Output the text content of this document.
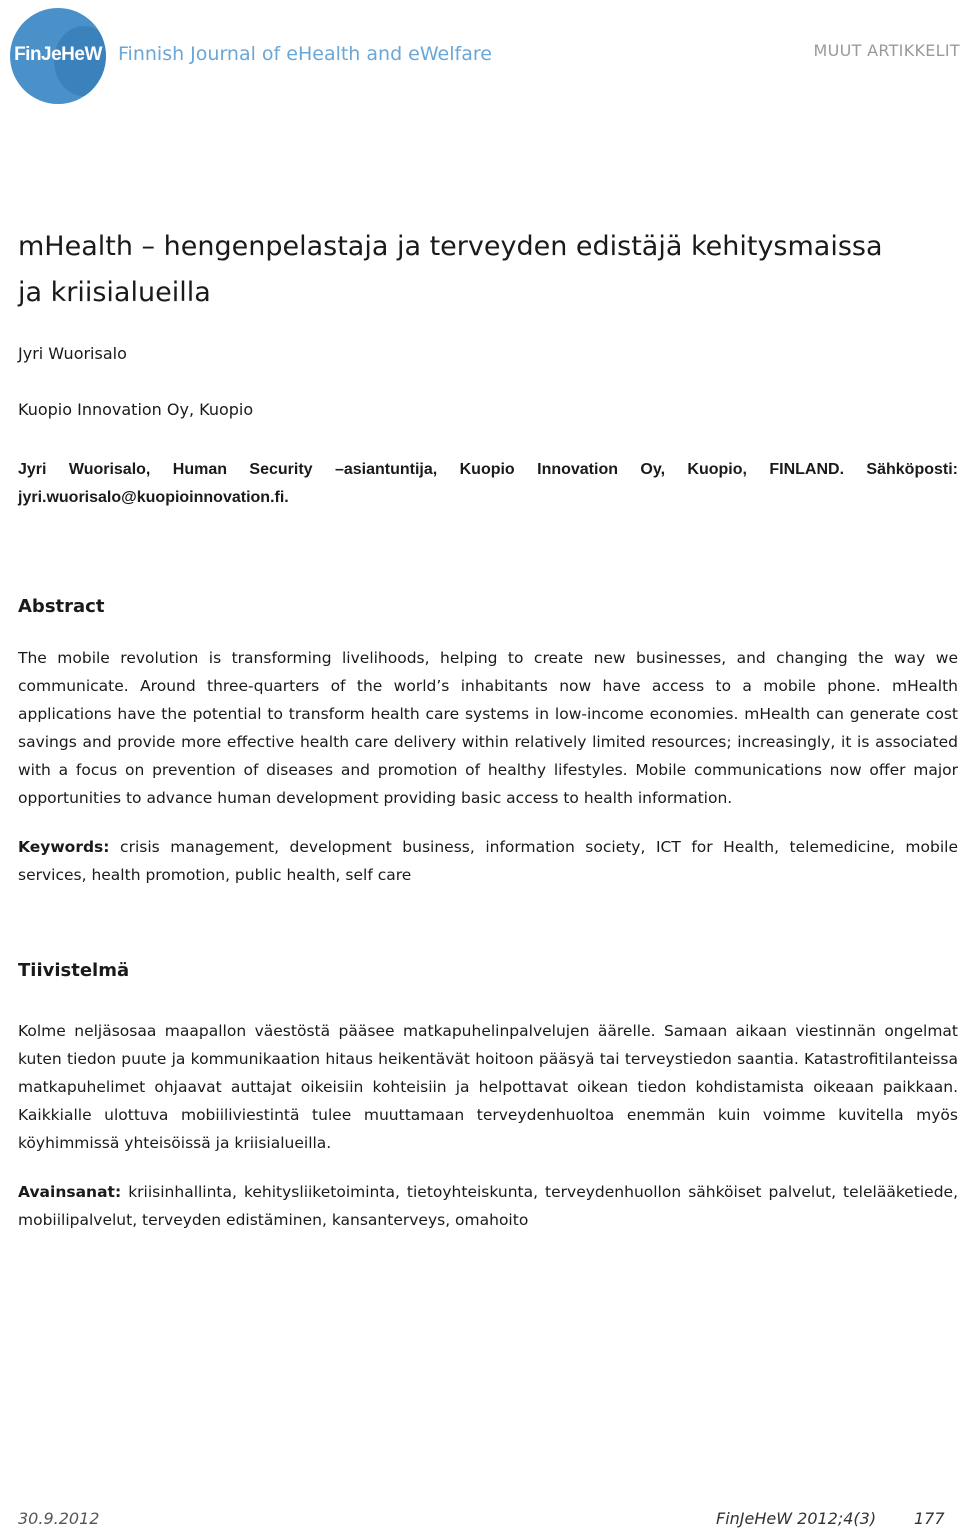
FinJeHeW Finnish Journal of eHealth and eWelfare	MUUT ARTIKKELIT
mHealth – hengenpelastaja ja terveyden edistäjä kehitysmaissa ja kriisialueilla
Jyri Wuorisalo
Kuopio Innovation Oy, Kuopio
Jyri Wuorisalo, Human Security –asiantuntija, Kuopio Innovation Oy, Kuopio, FINLAND. Sähköposti: jyri.wuorisalo@kuopioinnovation.fi.
Abstract
The mobile revolution is transforming livelihoods, helping to create new businesses, and changing the way we communicate. Around three-quarters of the world’s inhabitants now have access to a mobile phone. mHealth applications have the potential to transform health care systems in low-income economies. mHealth can generate cost savings and provide more effective health care delivery within relatively limited resources; increasingly, it is associated with a focus on prevention of diseases and promotion of healthy lifestyles. Mobile communications now offer major opportunities to advance human development providing basic access to health information.
Keywords: crisis management, development business, information society, ICT for Health, telemedicine, mobile services, health promotion, public health, self care
Tiivistelmä
Kolme neljäsosaa maapallon väestöstä pääsee matkapuhelinpalvelujen äärelle. Samaan aikaan viestinnän ongelmat kuten tiedon puute ja kommunikaation hitaus heikentävät hoitoon pääsyä tai terveystiedon saantia. Katastrofitilanteissa matkapuhelimet ohjaavat auttajat oikeisiin kohteisiin ja helpottavat oikean tiedon kohdistamista oikeaan paikkaan. Kaikkialle ulottuva mobiiliviestintä tulee muuttamaan terveydenhuoltoa enemmän kuin voimme kuvitella myös köyhimmissä yhteisöissä ja kriisialueilla.
Avainsanat: kriisinhallinta, kehitysliiketoiminta, tietoyhteiskunta, terveydenhuollon sähköiset palvelut, telelääketiede, mobiilipalvelut, terveyden edistäminen, kansanterveys, omahoito
30.9.2012	FinJeHeW 2012;4(3) 177
